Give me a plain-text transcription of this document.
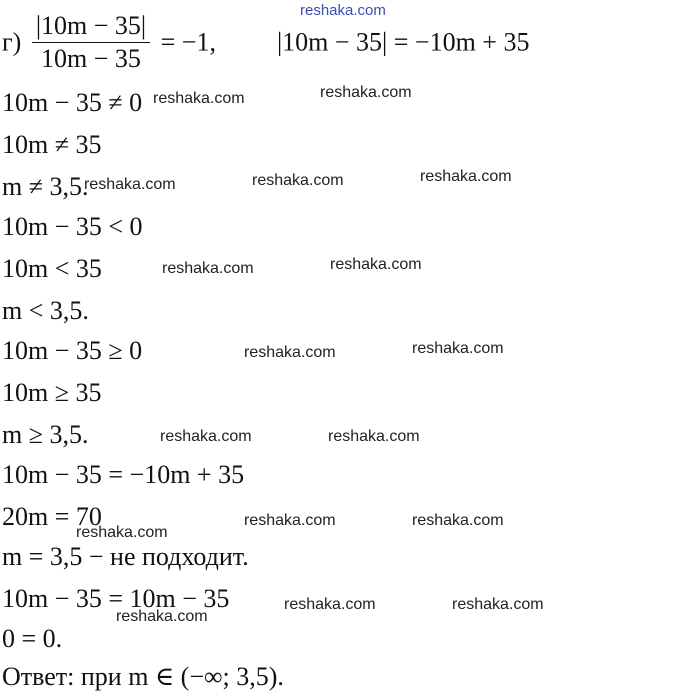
reshaka.com
$г) \frac{|10m - 35|}{10m - 35} = -1$, |10m − 35| = −10m + 35
10m − 35 ≠ 0
10m ≠ 35
m ≠ 3,5.
10m − 35 < 0
10m < 35
m < 3,5.
10m − 35 ≥ 0
10m ≥ 35
m ≥ 3,5.
10m − 35 = −10m + 35
20m = 70
m = 3,5 − не подходит.
10m − 35 = 10m − 35
0 = 0.
Ответ: при m ∈ (−∞; 3,5).
reshaka.com	reshaka.com
reshaka.com	reshaka.com	reshaka.com
reshaka.com	reshaka.com
reshaka.com	reshaka.com
reshaka.com	reshaka.com
reshaka.com
reshaka.com	reshaka.com
reshaka.com	reshaka.com
reshaka.com
